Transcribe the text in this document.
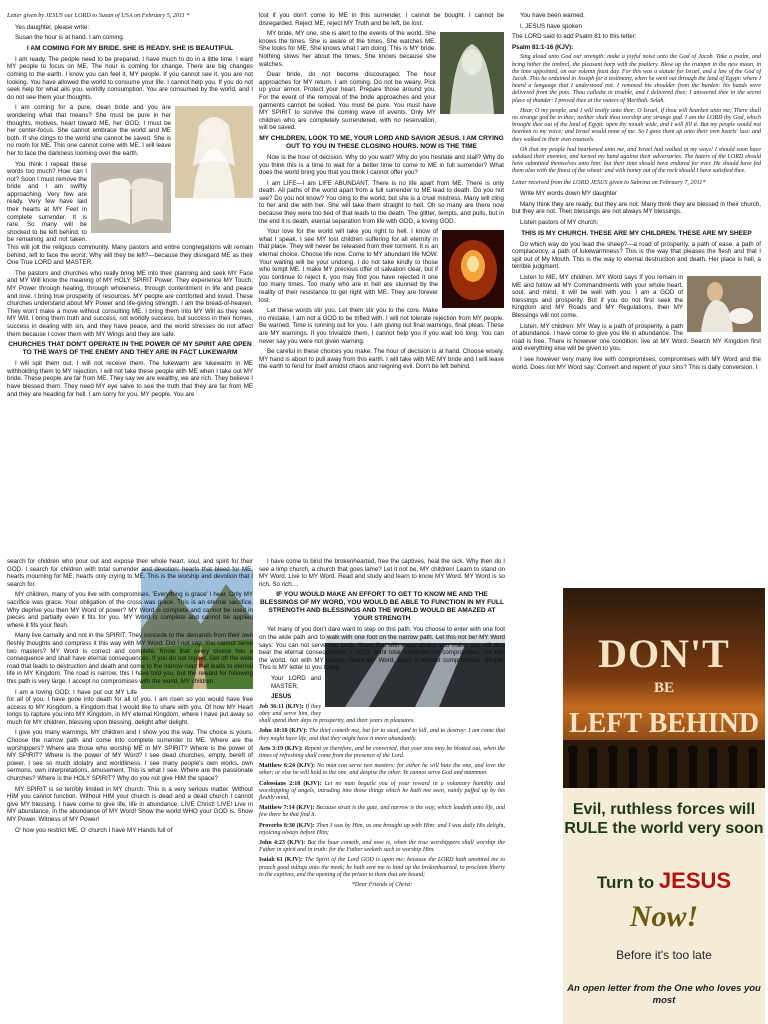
Letter given by JESUS our LORD to Susan of USA on February 5, 2011 *

Yes daughter, please write:

Susan the hour is at hand. I am coming.

I AM COMING FOR MY BRIDE. SHE IS READY. SHE IS BEAUTIFUL

I am ready. The people need to be prepared. I have much to do in a little time. I want MY people to focus on ME. The hour is coming for change. There are big changes coming to the earth. I know you can feel it, MY people. If you cannot see it, you are not looking. You have allowed the world to consume your life. I cannot help you. If you do not seek help for what ails you, worldly consumption. You are consumed by the world, and I do not see them your thoughts.

I am coming for a pure, clean bride and you are wondering what that means? She must be pure in her thoughts, motives, heart toward ME, her GOD. I must be her center-focus. She cannot embrace the world and ME both. If she clings to the world she cannot be saved. She is no room for ME. This one cannot come with ME. I will leave her to face the darkness looming over the earth.

You think I repeat these words too much? How can I not? Soon I must remove the bride and I am swiftly approaching. Very few are ready. Very few have laid their hearts at MY Feet in complete surrender. It is rare. So many will be shocked to be left behind, to be remaining and not taken. This will jolt the religious community. Many pastors and entire congregations will remain behind, left to face the worst. Why will they be left?—because they disregard ME as their One True LORD and MASTER.

The pastors and churches who really bring ME into their planning and seek MY Face and MY Will know the meaning of MY HOLY SPIRIT Power. They experience MY Touch, MY Power through healing, through wholeness, through contentment in life and peace and love. I bring true prosperity of resources. MY people are comforted and loved. These churches understand about MY Power and life-giving strength. I am the bread-of-heaven. They won't make a move without consulting ME. I bring them into MY Will as they seek MY Will. I bring them truth and success, not worldly success, but success in their homes, success in dealing with sin, and they have peace, and the world stresses do not affect them because I cover them with MY Wings and they are safe.

CHURCHES THAT DON'T OPERATE IN THE POWER OF MY SPIRIT ARE OPEN TO THE WAYS OF THE ENEMY AND THEY ARE IN FACT LUKEWARM

I will spit them out. I will not receive them. The lukewarm are lukewarm in ME withholding them to MY rejection. I will not take these people with ME when I take out MY bride. These people are far from ME. They say we are wealthy, we are rich. They believe I have blessed them. They need MY eye salve to see the truth that they are far from ME and they are heading for hell. I am sorry for you, MY people. You are

lost if you don't come to ME in this surrender. I cannot be bought. I cannot be disregarded. Reject ME, reject MY Truth and be left, be lost.

MY bride, MY one, she is alert to the events of the world. She knows the times. She is aware of the times. She watches ME. She looks for ME. She knows what I am doing. This is MY bride. Nothing slows her about the times. She knows because she watches.

Dear bride, do not become discouraged. The hour approaches for MY return. I am coming. Do not be weary. Pick up your armor. Protect your heart. Prepare those around you. For the event of the removal of the bride approaches and your garments cannot be soiled. You must be pure. You must have MY SPIRIT to survive the coming wave of events. Only MY children who are completely surrendered, with no reservation, will be saved.

MY CHILDREN, LOOK TO ME, YOUR LORD AND SAVIOR JESUS. I AM CRYING OUT TO YOU IN THESE CLOSING HOURS. NOW IS THE TIME

Now is the hour of decision. Why do you wait? Why do you hesitate and stall? Why do you think this is a time to wait for a better time to come to ME in full surrender? What does the world bring you that you think I cannot offer you?

I am LIFE—I am LIFE ABUNDANT. There is no life apart from ME. There is only death. All paths of the world apart from a full surrender to ME lead to death. Do you not see? Do you not know? You cling to the world, but she is a cruel mistress. Many will cling to her and die with her. She will take them straight to hell. Oh so many are there now because they were too tied of that leads to the death. The glitter, tempts, and pulls, but in the end it is death, eternal separation from life with GOD, a loving GOD.

Your love for the world will take you right to hell. I know of what I speak. I see MY lost children suffering for all eternity in that place. They will never be released from their torment. It is an eternal choice. Choose life now. Come to MY abundant life NOW. Your waiting will be your undoing. I do not take kindly to those who tempt ME. I make MY precious offer of salvation clear, but if you continue to reject it, you may find you have rejected it one too many times. Too many who are in hell are stunned by the reality of their resistance to get right with ME. They are forever lost.

Let these words stir you. Let them stir you to the core. Make no mistake, I am not a GOD to be trifled with. I will not tolerate rejection from MY people. Be warned. Time is running out for you. I am giving out final warnings, final pleas. These are MY warnings. If you trivialize them, I cannot help you if you wait too long. You can never say you were not given warning.

Be careful in these choices you make. The hour of decision is at hand. Choose wisely. MY hand is about to pull away from this earth. I will take with ME MY bride and I will leave the earth to fend for itself amidst chaos and reigning evil. Don't be left behind.

You have been warned.

I, JESUS have spoken

The LORD said to add Psalm 81 to this letter:

Psalm 81:1-16 (KJV):

Sing aloud unto God our strength: make a joyful noise unto the God of Jacob. Take a psalm, and bring hither the timbrel, the pleasant harp with the psaltery. Blow up the trumpet in the new moon, in the time appointed, on our solemn feast day. For this was a statute for Israel, and a law of the God of Jacob. This he ordained in Joseph for a testimony, when he went out through the land of Egypt: where I heard a language that I understood not. I removed his shoulder from the burden: his hands were delivered from the pots. Thou calledst in trouble, and I delivered thee; I answered thee in the secret place of thunder: I proved thee at the waters of Meribah. Selah.

Hear, O my people, and I will testify unto thee: O Israel, if thou wilt hearken unto me; There shall no strange god be in thee; neither shalt thou worship any strange god. I am the LORD thy God, which brought thee out of the land of Egypt: open thy mouth wide, and I will fill it. But my people would not hearken to my voice; and Israel would none of me. So I gave them up unto their own hearts' lust: and they walked in their own counsels.

Oh that my people had hearkened unto me, and Israel had walked in my ways! I should soon have subdued their enemies, and turned my hand against their adversaries. The haters of the LORD should have submitted themselves unto him: but their time should have endured for ever. He should have fed them also with the finest of the wheat: and with honey out of the rock should I have satisfied thee.

Letter received from the LORD JESUS given to Sabrina on February 7, 2011*

Write MY words down MY daughter

Many think they are ready, but they are not. Many think they are blessed in their church, but they are not. Their blessings are not always MY blessings.

Listen pastors of MY church:

THIS IS MY CHURCH. THESE ARE MY CHILDREN. THESE ARE MY SHEEP

Do which way do you lead the sheep?—a road of prosperity, a path of ease, a path of complacency, a path of lukewarmness? This is the way that pleases the flesh and that I spit out of My Mouth. This is the way to eternal destruction and death. Her place is hell, a terrible judgment.

Listen to ME, MY children. MY Word says If you remain in ME and follow all MY Commandments with your whole heart, soul, and mind, it will be well with you. I am a GOD of blessings and prosperity. But if you do not first seek the Kingdom and MY Roads and MY Regulations, then MY Blessings will not come.

Listen, MY children: MY Way is a path of prosperity, a path of abundance. I have come to give you life in abundance. The road is free. There is however one condition: live at MY Word. Search MY Kingdom first and everything else will be given to you.

I see however very many live with compromises, compromises with MY Word and the world. Does not MY Word say: Convert and repent of your sins? This is daily conversion. I

search for children who pour out and expose their whole heart, soul, and spirit for their GOD. I search for children with total surrender and devotion: hearts that bleed for ME; hearts mourning for ME; hearts only crying to ME. This is the worship and devotion that I search for.

MY children, many of you live with compromises. 'Everything is grace' I hear. Only MY sacrifice was grace. Your obligation of the cross was grace. This is an eternal sacrifice. Why deprive you then MY Word of power? MY Word is complete and cannot be used in pieces and partially even it fits for you. MY Word is complete and cannot be applied where it fits your flesh.

Many live carnally and not in the SPIRIT. They concede to the demands from their own fleshly thoughts and compress it this way with MY Word. Did I not say: You cannot serve two masters? MY Word is correct and complete. Know that every choice has a consequence and shall have eternal consequences. If you do not repent. Get off the wide road that leads to destruction and death and come to the narrow road that leads to eternal life in MY Kingdom. The road is narrow, this I have told you, but the reward for following this path is very large. I accept no compromises with the world, MY children.

I am a loving GOD. I have put out MY Life for all of you. I have gone into death for all of you. I am risen so you would have free access to MY Kingdom, a Kingdom that I would like to share with you. Of how MY Heart longs to rapture you into MY Kingdom, in MY eternal Kingdom, where I have put away so much for MY children, blessing upon blessing, delight after delight.

I give you many warnings, MY children and I show you the way. The choice is yours. Choose the narrow path and come into complete surrender to ME. Where are the worshippers? Where are those who worship ME in MY SPIRIT? Where is the power of MY SPIRIT? Where is the power of MY Word? I see dead churches, empty, bereft of power. I see so much idolatry and worldliness. I see many people's own works, own sermons, own interpretations, amusement. This is what I see. Where are the passionate churches? Where is the HOLY SPIRIT? Why do you not give HIM the space?

MY SPIRIT is so terribly limited in MY church. This is a very serious matter. Without HIM you cannot function. Without HIM your church is dead and a dead church I cannot give MY blessing. I have come to give life, life in abundance. LIVE Christ! LIVE! Live in MY abundance, in the abundance of MY Word! Show the world WHO your GOD is. Show MY Power. Witness of MY Power!

O' how you restrict ME. O' church I have MY Hands full of

I have come to bind the brokenhearted, free the captives, heal the sick. Why then do I see a limp church, a church that goes lame? Let it not be, MY children! Learn to stand on MY Word. Live to MY Word. Read and study and learn to know MY Word. MY Word is so rich. So rich....

IF YOU WOULD MAKE AN EFFORT TO GET TO KNOW ME AND THE BLESSINGS OF MY WORD, YOU WOULD BE ABLE TO FUNCTION IN MY FULL STRENGTH AND BLESSINGS AND THE WORLD WOULD BE AMAZED AT YOUR STRENGTH

Yet many of you don't dare want to step on this path. You choose to enter with one foot on the wide path and to walk with one foot on the narrow path. Let this not be! MY Word says: You can not serve two lords. Know that with every choice you make, you will also bear the eternal consequences. I, GOD, want total surrender, no compromises, not with the world, not with MY people. Read MY Word, apply it without compromises. Simple. This is MY letter to you today.

Your LORD and MASTER,

JESUS

Job 36:11 (KJV): If they obey and serve him, they shall spend their days in prosperity, and their years in pleasures.

John 10:10 (KJV): The thief cometh not, but for to steal, and to kill, and to destroy: I am come that they might have life, and that they might have it more abundantly.

Acts 3:19 (KJV): Repent ye therefore, and be converted, that your sins may be blotted out, when the times of refreshing shall come from the presence of the Lord.

Matthew 6:24 (KJV): No man can serve two masters: for either he will hate the one, and love the other; or else he will hold to the one, and despise the other. Ye cannot serve God and mammon.

Colossians 2:18 (KJV): Let no man beguile you of your reward in a voluntary humility and worshipping of angels, intruding into those things which he hath not seen, vainly puffed up by his fleshly mind,

Matthew 7:14 (KJV): Because strait is the gate, and narrow is the way, which leadeth unto life, and few there be that find it.

Proverbs 8:30 (KJV): Then I was by Him, as one brought up with Him: and I was daily His delight, rejoicing always before Him;

John 4:23 (KJV): But the hour cometh, and now is, when the true worshippers shall worship the Father in spirit and in truth: for the Father seeketh such to worship Him.

Isaiah 61 (KJV): The Spirit of the Lord GOD is upon me; because the LORD hath anointed me to preach good tidings unto the meek; he hath sent me to bind up the brokenhearted, to proclaim liberty to the captives, and the opening of the prison to them that are bound;

*Dear Friends of Christ:

DON'T
BE
LEFT BEHIND
Evil, ruthless forces will RULE the world very soon
Turn to JESUS
Now!
Before it's too late
An open letter from the One who loves you most
